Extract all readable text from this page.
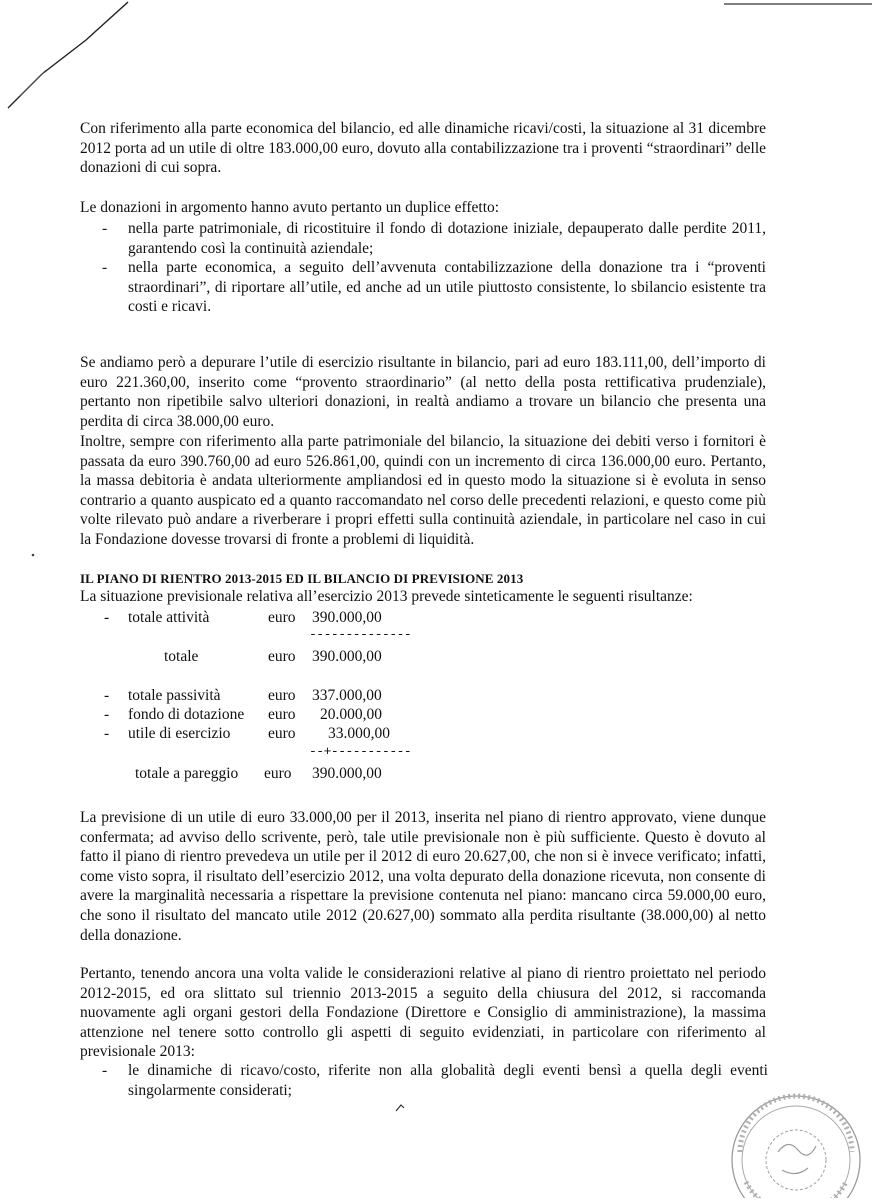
Con riferimento alla parte economica del bilancio, ed alle dinamiche ricavi/costi, la situazione al 31 dicembre 2012 porta ad un utile di oltre 183.000,00 euro, dovuto alla contabilizzazione tra i proventi “straordinari” delle donazioni di cui sopra.

Le donazioni in argomento hanno avuto pertanto un duplice effetto:

- nella parte patrimoniale, di ricostituire il fondo di dotazione iniziale, depauperato dalle perdite 2011, garantendo così la continuità aziendale;
- nella parte economica, a seguito dell’avvenuta contabilizzazione della donazione tra i “proventi straordinari”, di riportare all’utile, ed anche ad un utile piuttosto consistente, lo sbilancio esistente tra costi e ricavi.

Se andiamo però a depurare l’utile di esercizio risultante in bilancio, pari ad euro 183.111,00, dell’importo di euro 221.360,00, inserito come “provento straordinario” (al netto della posta rettificativa prudenziale), pertanto non ripetibile salvo ulteriori donazioni, in realtà andiamo a trovare un bilancio che presenta una perdita di circa 38.000,00 euro.

Inoltre, sempre con riferimento alla parte patrimoniale del bilancio, la situazione dei debiti verso i fornitori è passata da euro 390.760,00 ad euro 526.861,00, quindi con un incremento di circa 136.000,00 euro. Pertanto, la massa debitoria è andata ulteriormente ampliandosi ed in questo modo la situazione si è evoluta in senso contrario a quanto auspicato ed a quanto raccomandato nel corso delle precedenti relazioni, e questo come più volte rilevato può andare a riverberare i propri effetti sulla continuità aziendale, in particolare nel caso in cui la Fondazione dovesse trovarsi di fronte a problemi di liquidità.

IL PIANO DI RIENTRO 2013-2015 ED IL BILANCIO DI PREVISIONE 2013

La situazione previsionale relativa all’esercizio 2013 prevede sinteticamente le seguenti risultanze:

- totale attività	euro 390.000,00
--------------
totale	euro 390.000,00
- totale passività	euro 337.000,00
- fondo di dotazione euro 20.000,00
- utile di esercizio euro 33.000,00
--+-----------
totale a pareggio euro 390.000,00

La previsione di un utile di euro 33.000,00 per il 2013, inserita nel piano di rientro approvato, viene dunque confermata; ad avviso dello scrivente, però, tale utile previsionale non è più sufficiente. Questo è dovuto al fatto il piano di rientro prevedeva un utile per il 2012 di euro 20.627,00, che non si è invece verificato; infatti, come visto sopra, il risultato dell’esercizio 2012, una volta depurato della donazione ricevuta, non consente di avere la marginalità necessaria a rispettare la previsione contenuta nel piano: mancano circa 59.000,00 euro, che sono il risultato del mancato utile 2012 (20.627,00) sommato alla perdita risultante (38.000,00) al netto della donazione.

Pertanto, tenendo ancora una volta valide le considerazioni relative al piano di rientro proiettato nel periodo 2012-2015, ed ora slittato sul triennio 2013-2015 a seguito della chiusura del 2012, si raccomanda nuovamente agli organi gestori della Fondazione (Direttore e Consiglio di amministrazione), la massima attenzione nel tenere sotto controllo gli aspetti di seguito evidenziati, in particolare con riferimento al previsionale 2013:

- le dinamiche di ricavo/costo, riferite non alla globalità degli eventi bensì a quella degli eventi singolarmente considerati;
